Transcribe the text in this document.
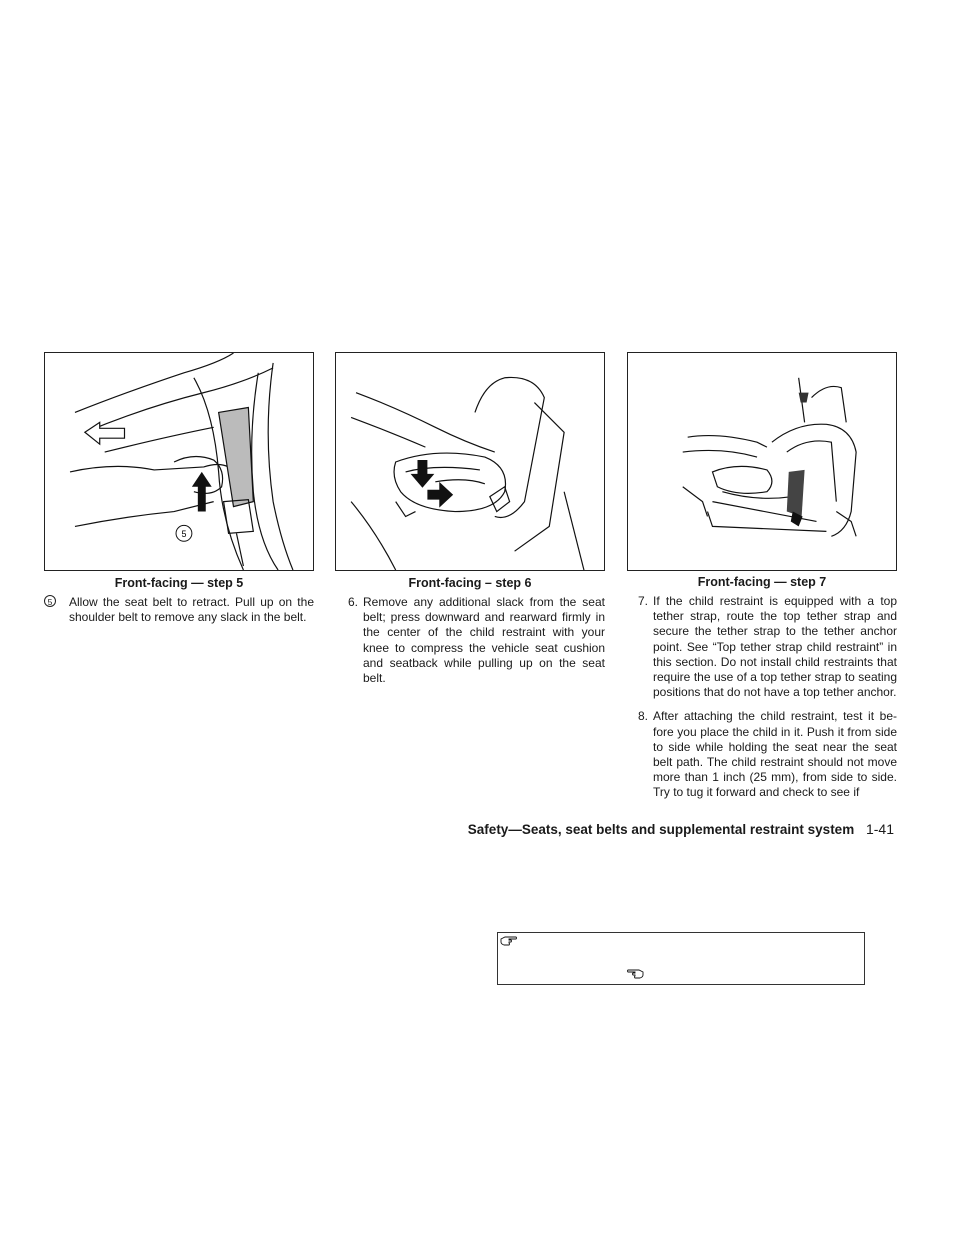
5
Front-facing — step 5	Front-facing – step 6	Front-facing — step 7
5	Allow the seat belt to retract. Pull up on the shoulder belt to remove any slack in the belt.
6. Remove any additional slack from the seat belt; press downward and rearward firmly in the center of the child restraint with your knee to compress the vehicle seat cushion and seatback while pulling up on the seat belt.
7. If the child restraint is equipped with a top tether strap, route the top tether strap and secure the tether strap to the tether anchor point. See “Top tether strap child restraint” in this section. Do not install child restraints that require the use of a top tether strap to seating positions that do not have a top tether anchor.
8. After attaching the child restraint, test it be-fore you place the child in it. Push it from side to side while holding the seat near the seat belt path. The child restraint should not move more than 1 inch (25 mm), from side to side. Try to tug it forward and check to see if
Safety—Seats, seat belts and supplemental restraint system 1-41
